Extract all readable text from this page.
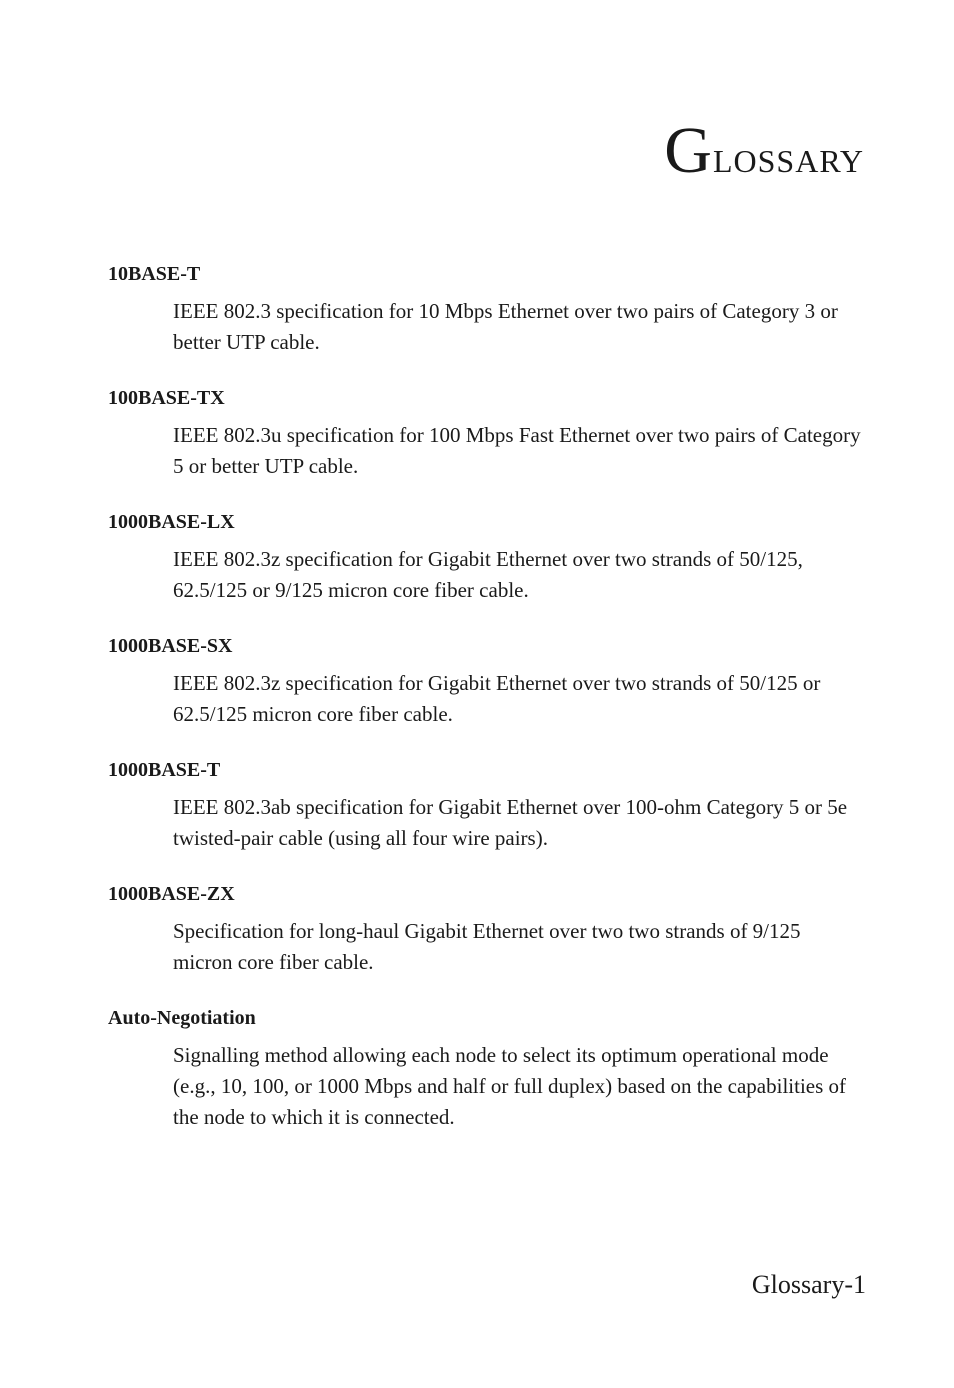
Glossary
10BASE-T
IEEE 802.3 specification for 10 Mbps Ethernet over two pairs of Category 3 or better UTP cable.
100BASE-TX
IEEE 802.3u specification for 100 Mbps Fast Ethernet over two pairs of Category 5 or better UTP cable.
1000BASE-LX
IEEE 802.3z specification for Gigabit Ethernet over two strands of 50/125, 62.5/125 or 9/125 micron core fiber cable.
1000BASE-SX
IEEE 802.3z specification for Gigabit Ethernet over two strands of 50/125 or 62.5/125 micron core fiber cable.
1000BASE-T
IEEE 802.3ab specification for Gigabit Ethernet over 100-ohm Category 5 or 5e twisted-pair cable (using all four wire pairs).
1000BASE-ZX
Specification for long-haul Gigabit Ethernet over two two strands of 9/125 micron core fiber cable.
Auto-Negotiation
Signalling method allowing each node to select its optimum operational mode (e.g., 10, 100, or 1000 Mbps and half or full duplex) based on the capabilities of the node to which it is connected.
Glossary-1
